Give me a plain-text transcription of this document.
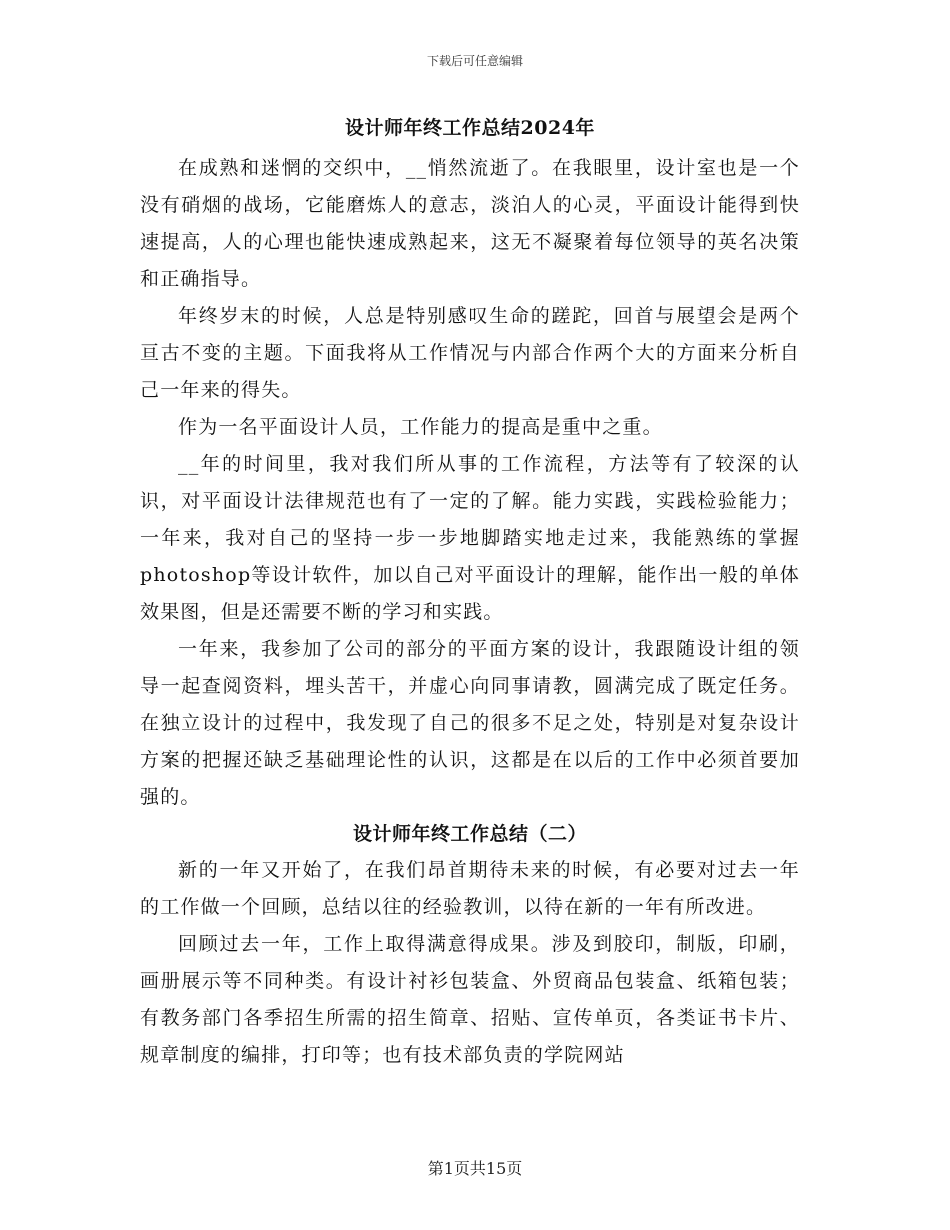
下载后可任意编辑
设计师年终工作总结2024年

在成熟和迷惘的交织中，__悄然流逝了。在我眼里，设计室也是一个没有硝烟的战场，它能磨炼人的意志，淡泊人的心灵，平面设计能得到快速提高，人的心理也能快速成熟起来，这无不凝聚着每位领导的英名决策和正确指导。

年终岁末的时候，人总是特别感叹生命的蹉跎，回首与展望会是两个亘古不变的主题。下面我将从工作情况与内部合作两个大的方面来分析自己一年来的得失。

作为一名平面设计人员，工作能力的提高是重中之重。

__年的时间里，我对我们所从事的工作流程，方法等有了较深的认识，对平面设计法律规范也有了一定的了解。能力实践，实践检验能力；一年来，我对自己的坚持一步一步地脚踏实地走过来，我能熟练的掌握photoshop等设计软件，加以自己对平面设计的理解，能作出一般的单体效果图，但是还需要不断的学习和实践。

一年来，我参加了公司的部分的平面方案的设计，我跟随设计组的领导一起查阅资料，埋头苦干，并虚心向同事请教，圆满完成了既定任务。在独立设计的过程中，我发现了自己的很多不足之处，特别是对复杂设计方案的把握还缺乏基础理论性的认识，这都是在以后的工作中必须首要加强的。

设计师年终工作总结（二）

新的一年又开始了，在我们昂首期待未来的时候，有必要对过去一年的工作做一个回顾，总结以往的经验教训，以待在新的一年有所改进。

回顾过去一年，工作上取得满意得成果。涉及到胶印，制版，印刷，画册展示等不同种类。有设计衬衫包装盒、外贸商品包装盒、纸箱包装；有教务部门各季招生所需的招生简章、招贴、宣传单页，各类证书卡片、规章制度的编排，打印等；也有技术部负责的学院网站

第1页共15页
